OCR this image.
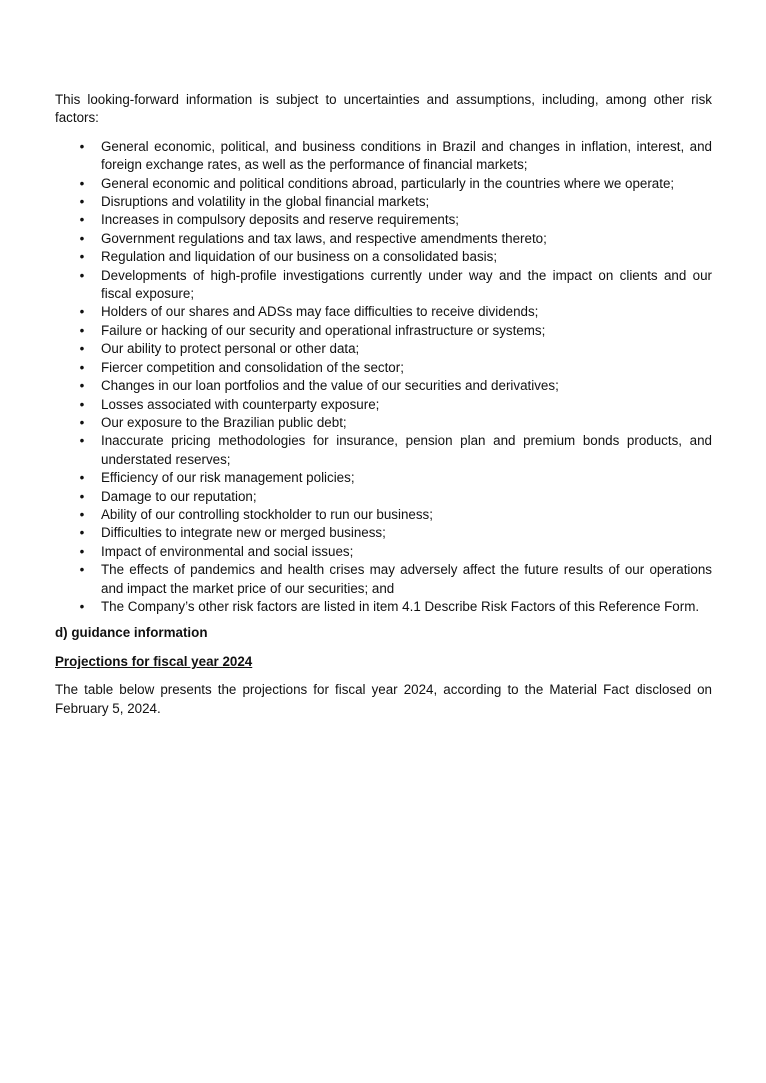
This looking-forward information is subject to uncertainties and assumptions, including, among other risk factors:

• General economic, political, and business conditions in Brazil and changes in inflation, interest, and foreign exchange rates, as well as the performance of financial markets;
• General economic and political conditions abroad, particularly in the countries where we operate;
• Disruptions and volatility in the global financial markets;
• Increases in compulsory deposits and reserve requirements;
• Government regulations and tax laws, and respective amendments thereto;
• Regulation and liquidation of our business on a consolidated basis;
• Developments of high-profile investigations currently under way and the impact on clients and our fiscal exposure;
• Holders of our shares and ADSs may face difficulties to receive dividends;
• Failure or hacking of our security and operational infrastructure or systems;
• Our ability to protect personal or other data;
• Fiercer competition and consolidation of the sector;
• Changes in our loan portfolios and the value of our securities and derivatives;
• Losses associated with counterparty exposure;
• Our exposure to the Brazilian public debt;
• Inaccurate pricing methodologies for insurance, pension plan and premium bonds products, and understated reserves;
• Efficiency of our risk management policies;
• Damage to our reputation;
• Ability of our controlling stockholder to run our business;
• Difficulties to integrate new or merged business;
• Impact of environmental and social issues;
• The effects of pandemics and health crises may adversely affect the future results of our operations and impact the market price of our securities; and
• The Company’s other risk factors are listed in item 4.1 Describe Risk Factors of this Reference Form.

d) guidance information

Projections for fiscal year 2024

The table below presents the projections for fiscal year 2024, according to the Material Fact disclosed on February 5, 2024.
